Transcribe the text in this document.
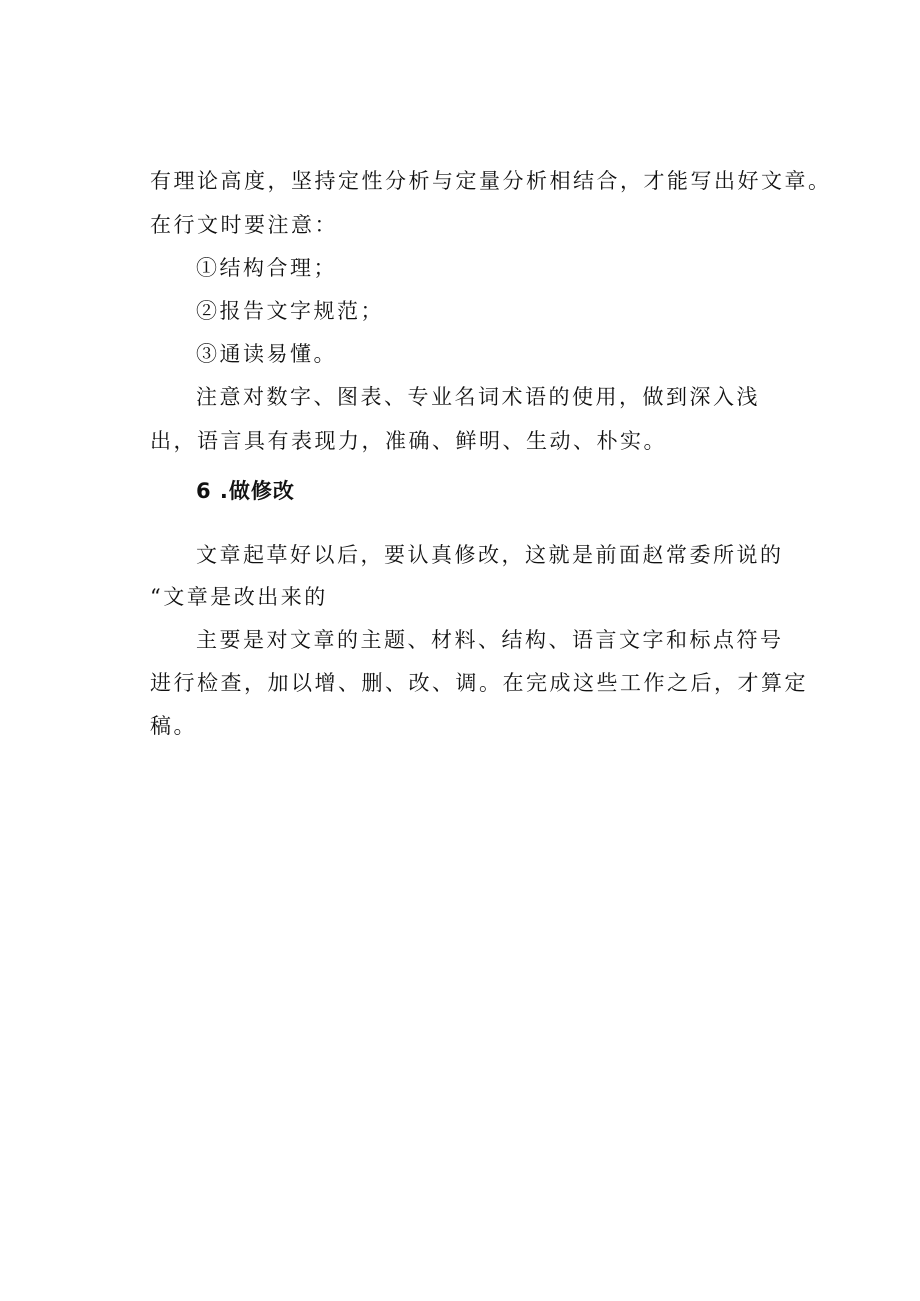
有理论高度，坚持定性分析与定量分析相结合，才能写出好文章。
在行文时要注意：
①结构合理；
②报告文字规范；
③通读易懂。
注意对数字、图表、专业名词术语的使用，做到深入浅
出，语言具有表现力，准确、鲜明、生动、朴实。
6 .做修改
文章起草好以后，要认真修改，这就是前面赵常委所说的
“文章是改出来的
主要是对文章的主题、材料、结构、语言文字和标点符号
进行检查，加以增、删、改、调。在完成这些工作之后，才算定
稿。
